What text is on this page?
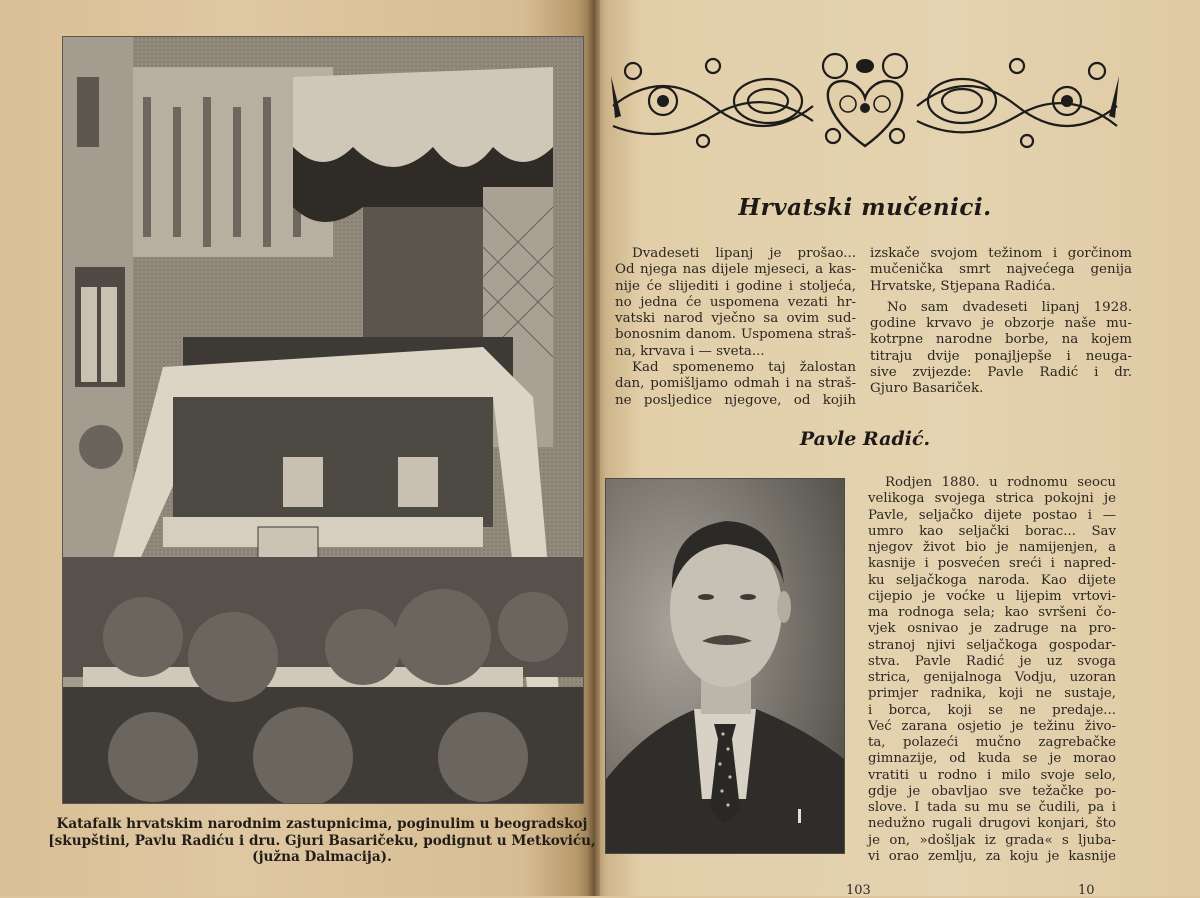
Katafalk hrvatskim narodnim zastupnicima, poginulim u beogradskoj
[skupštini, Pavlu Radiću i dru. Gjuri Basaričeku, podignut u Metkoviću,
(južna Dalmacija).
Hrvatski mučenici.
Dvadeseti lipanj je prošao...
Od njega nas dijele mjeseci, a kas-
nije će slijediti i godine i stoljeća,
no jedna će uspomena vezati hr-
vatski narod vječno sa ovim sud-
bonosnim danom. Uspomena straš-
na, krvava i — sveta...
Kad spomenemo taj žalostan
dan, pomišljamo odmah i na straš-
ne posljedice njegove, od kojih
izskače svojom težinom i gorčinom
mučenička smrt najvećega genija
Hrvatske, Stjepana Radića.
No sam dvadeseti lipanj 1928.
godine krvavo je obzorje naše mu-
kotrpne narodne borbe, na kojem
titraju dvije ponajljepše i neuga-
sive zvijezde: Pavle Radić i dr.
Gjuro Basariček.
Pavle Radić.
Rodjen 1880. u rodnomu seocu
velikoga svojega strica pokojni je
Pavle, seljačko dijete postao i —
umro kao seljački borac... Sav
njegov život bio je namijenjen, a
kasnije i posvećen sreći i napred-
ku seljačkoga naroda. Kao dijete
cijepio je voćke u lijepim vrtovi-
ma rodnoga sela; kao svršeni čo-
vjek osnivao je zadruge na pro-
stranoj njivi seljačkoga gospodar-
stva. Pavle Radić je uz svoga
strica, genijalnoga Vodju, uzoran
primjer radnika, koji ne sustaje,
i borca, koji se ne predaje...
Već zarana osjetio je težinu živo-
ta, polazeći mučno zagrebačke
gimnazije, od kuda se je morao
vratiti u rodno i milo svoje selo,
gdje je obavljao sve težačke po-
slove. I tada su mu se čudili, pa i
nedužno rugali drugovi konjari, što
je on, »došljak iz grada« s ljuba-
vi orao zemlju, za koju je kasnije
103	10
